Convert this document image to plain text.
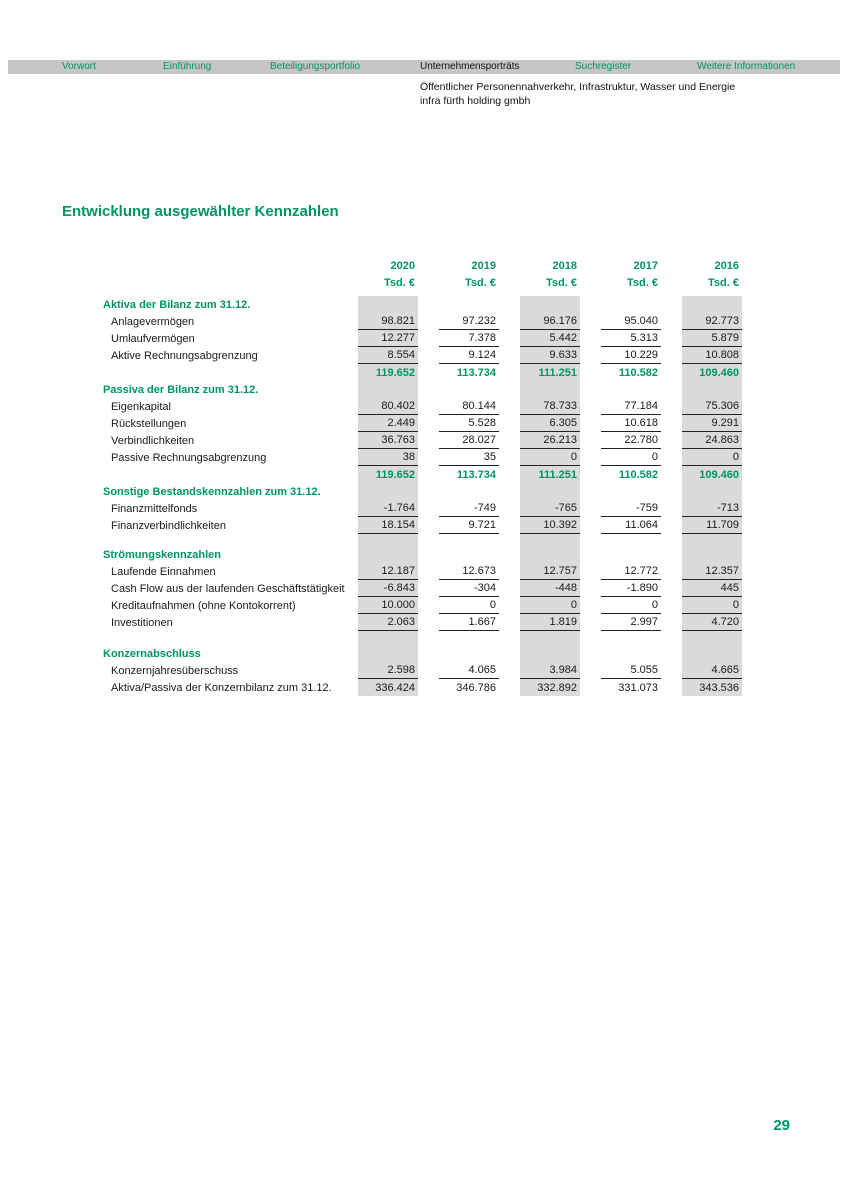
Vorwort	Einführung	Beteiligungsportfolio	Unternehmensporträts	Suchregister	Weitere Informationen
Öffentlicher Personennahverkehr, Infrastruktur, Wasser und Energie
infra fürth holding gmbh
Entwicklung ausgewählter Kennzahlen
2020	2019	2018	2017	2016
Tsd. €	Tsd. €	Tsd. €	Tsd. €	Tsd. €
Aktiva der Bilanz zum 31.12.
Anlagevermögen	98.821	97.232	96.176	95.040	92.773
Umlaufvermögen	12.277	7.378	5.442	5.313	5.879
Aktive Rechnungsabgrenzung	8.554	9.124	9.633	10.229	10.808
119.652	113.734	111.251	110.582	109.460
Passiva der Bilanz zum 31.12.
Eigenkapital	80.402	80.144	78.733	77.184	75.306
Rückstellungen	2.449	5.528	6.305	10.618	9.291
Verbindlichkeiten	36.763	28.027	26.213	22.780	24.863
Passive Rechnungsabgrenzung	38	35	0	0	0
119.652	113.734	111.251	110.582	109.460
Sonstige Bestandskennzahlen zum 31.12.
Finanzmittelfonds	-1.764	-749	-765	-759	-713
Finanzverbindlichkeiten	18.154	9.721	10.392	11.064	11.709
Strömungskennzahlen
Laufende Einnahmen	12.187	12.673	12.757	12.772	12.357
Cash Flow aus der laufenden Geschäftstätigkeit	-6.843	-304	-448	-1.890	445
Kreditaufnahmen (ohne Kontokorrent)	10.000	0	0	0	0
Investitionen	2.063	1.667	1.819	2.997	4.720
Konzernabschluss
Konzernjahresüberschuss	2.598	4.065	3.984	5.055	4.665
Aktiva/Passiva der Konzernbilanz zum 31.12.	336.424	346.786	332.892	331.073	343.536
29
